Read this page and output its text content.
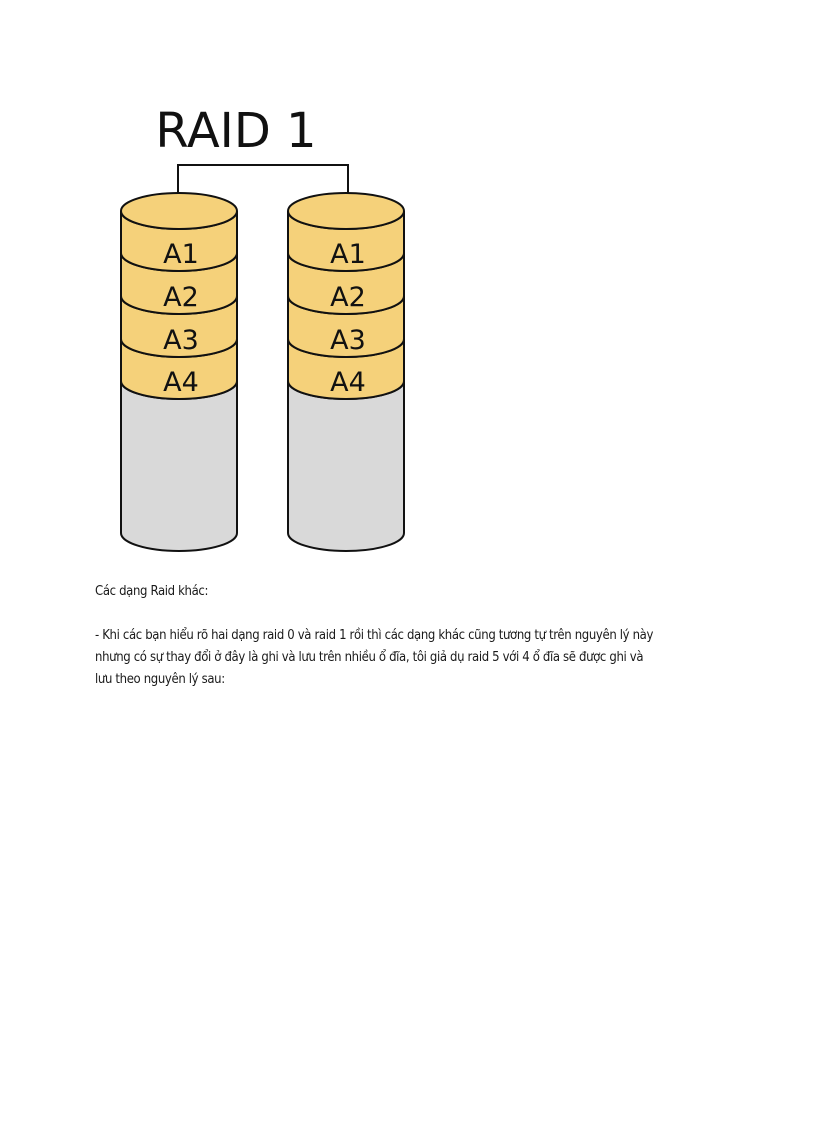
RAID 1
A1
A2
A3
A4
A1
A2
A3
A4

Các dạng Raid khác:

- Khi các bạn hiểu rõ hai dạng raid 0 và raid 1 rồi thì các dạng khác cũng tương tự trên nguyên lý này

nhưng có sự thay đổi ở đây là ghi và lưu trên nhiều ổ đĩa, tôi giả dụ raid 5 với 4 ổ đĩa sẽ được ghi và

lưu theo nguyên lý sau:
